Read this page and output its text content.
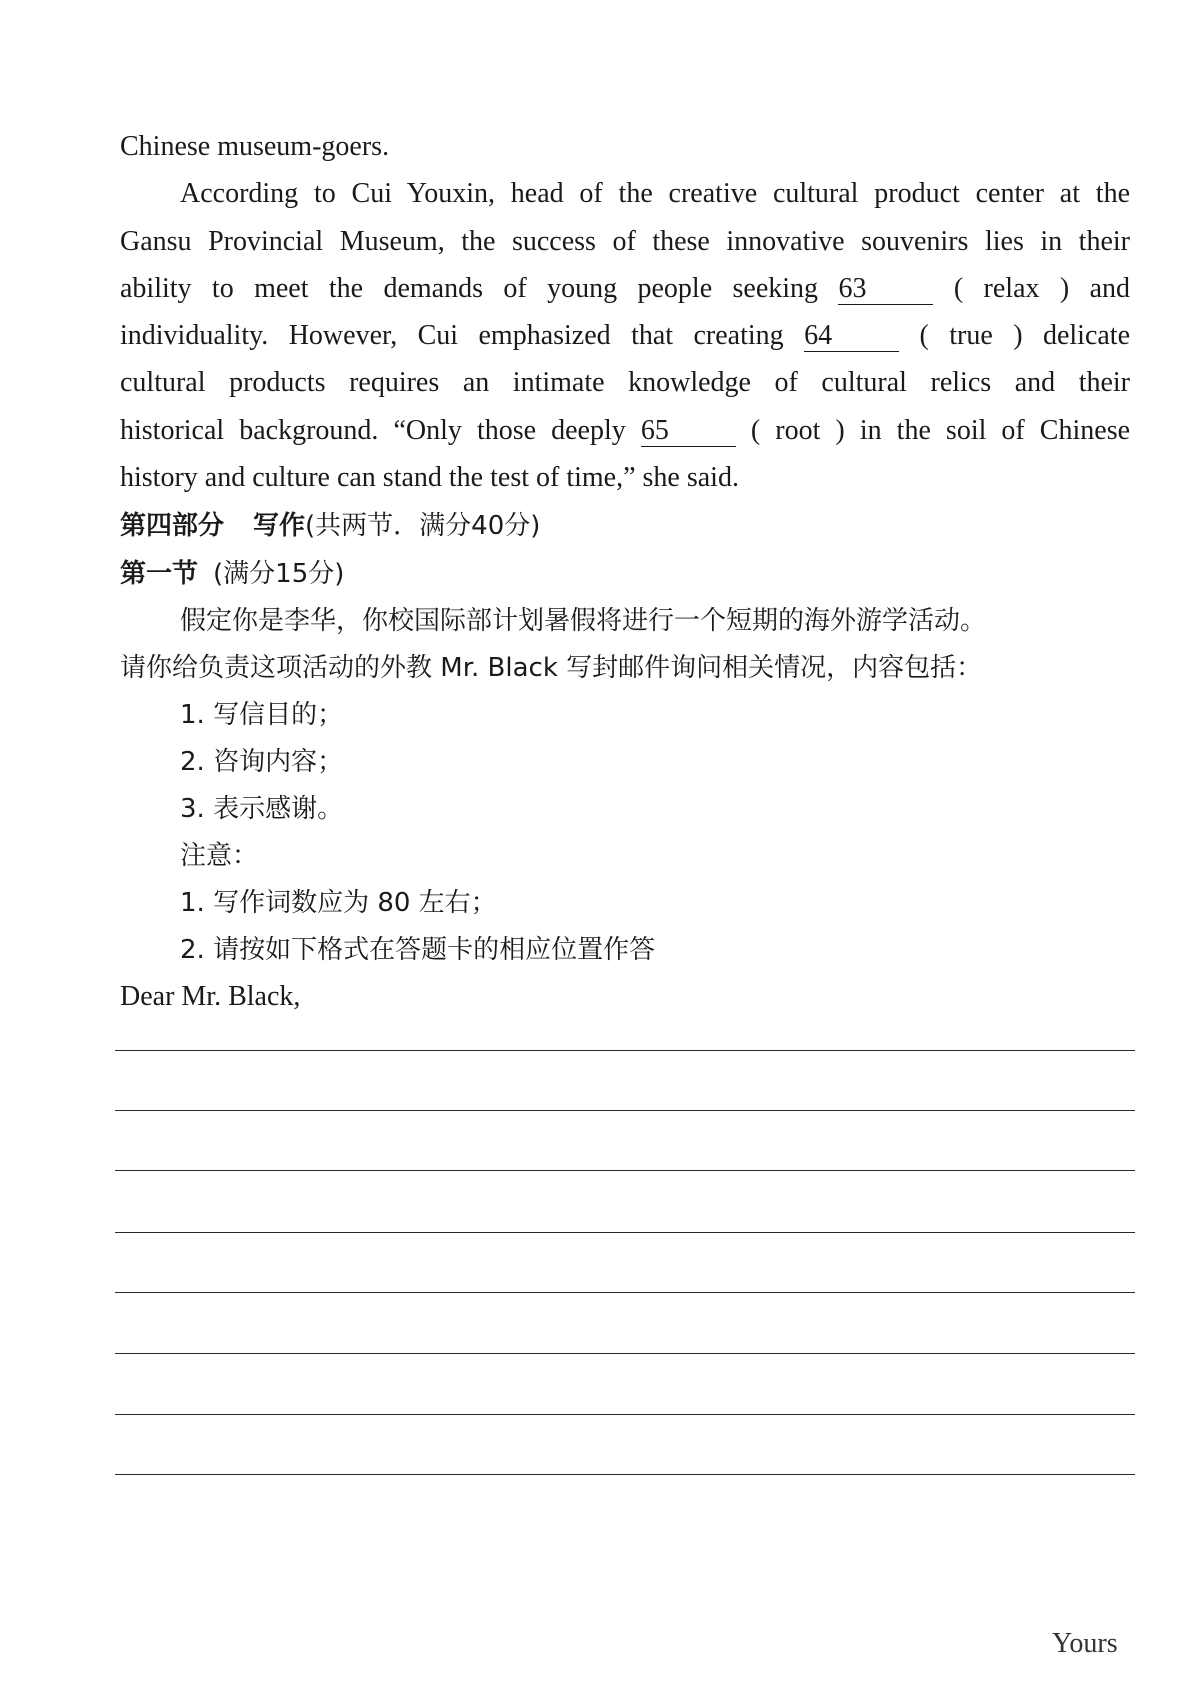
Chinese museum-goers.
According to Cui Youxin, head of the creative cultural product center at the
Gansu Provincial Museum, the success of these innovative souvenirs lies in their
ability to meet the demands of young people seeking 63	( relax ) and
individuality. However, Cui emphasized that creating 64	( true ) delicate
cultural products requires an intimate knowledge of cultural relics and their
historical background. “Only those deeply 65	( root ) in the soil of Chinese
history and culture can stand the test of time,” she said.
第四部分 写作(共两节．满分40分)
第一节 (满分15分)
假定你是李华，你校国际部计划暑假将进行一个短期的海外游学活动。
请你给负责这项活动的外教 Mr. Black 写封邮件询问相关情况，内容包括：
1. 写信目的；
2. 咨询内容；
3. 表示感谢。
注意：
1. 写作词数应为 80 左右；
2. 请按如下格式在答题卡的相应位置作答
Dear Mr. Black,
Yours
